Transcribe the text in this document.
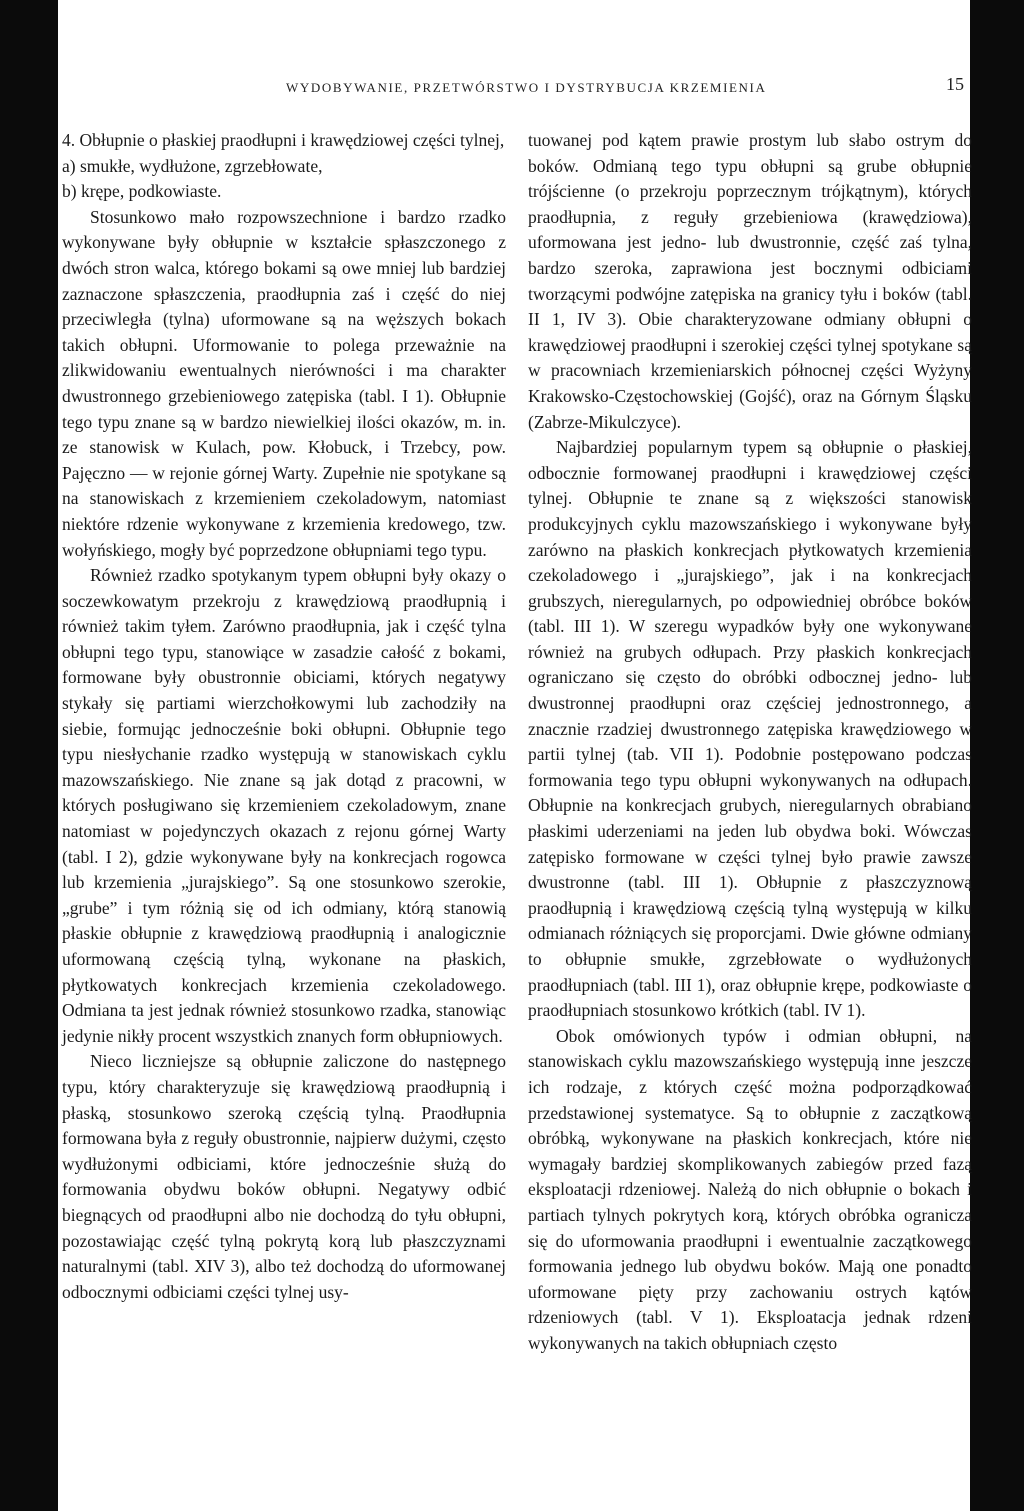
WYDOBYWANIE, PRZETWÓRSTWO I DYSTRYBUCJA KRZEMIENIA	15

4. Obłupnie o płaskiej praodłupni i krawędziowej części tylnej,

a) smukłe, wydłużone, zgrzebłowate,

b) krępe, podkowiaste.

Stosunkowo mało rozpowszechnione i bardzo rzadko wykonywane były obłupnie w kształcie spłaszczonego z dwóch stron walca, którego bokami są owe mniej lub bardziej zaznaczone spłaszczenia, praodłupnia zaś i część do niej przeciwległa (tylna) uformowane są na węższych bokach takich obłupni. Uformowanie to polega przeważnie na zlikwidowaniu ewentualnych nierówności i ma charakter dwustronnego grzebieniowego zatępiska (tabl. I 1). Obłupnie tego typu znane są w bardzo niewielkiej ilości okazów, m. in. ze stanowisk w Kulach, pow. Kłobuck, i Trzebcy, pow. Pajęczno — w rejonie górnej Warty. Zupełnie nie spotykane są na stanowiskach z krzemieniem czekoladowym, natomiast niektóre rdzenie wykonywane z krzemienia kredowego, tzw. wołyńskiego, mogły być poprzedzone obłupniami tego typu.

Również rzadko spotykanym typem obłupni były okazy o soczewkowatym przekroju z krawędziową praodłupnią i również takim tyłem. Zarówno praodłupnia, jak i część tylna obłupni tego typu, stanowiące w zasadzie całość z bokami, formowane były obustronnie obiciami, których negatywy stykały się partiami wierzchołkowymi lub zachodziły na siebie, formując jednocześnie boki obłupni. Obłupnie tego typu niesłychanie rzadko występują w stanowiskach cyklu mazowszańskiego. Nie znane są jak dotąd z pracowni, w których posługiwano się krzemieniem czekoladowym, znane natomiast w pojedynczych okazach z rejonu górnej Warty (tabl. I 2), gdzie wykonywane były na konkrecjach rogowca lub krzemienia „jurajskiego”. Są one stosunkowo szerokie, „grube” i tym różnią się od ich odmiany, którą stanowią płaskie obłupnie z krawędziową praodłupnią i analogicznie uformowaną częścią tylną, wykonane na płaskich, płytkowatych konkrecjach krzemienia czekoladowego. Odmiana ta jest jednak również stosunkowo rzadka, stanowiąc jedynie nikły procent wszystkich znanych form obłupniowych.

Nieco liczniejsze są obłupnie zaliczone do następnego typu, który charakteryzuje się krawędziową praodłupnią i płaską, stosunkowo szeroką częścią tylną. Praodłupnia formowana była z reguły obustronnie, najpierw dużymi, często wydłużonymi odbiciami, które jednocześnie służą do formowania obydwu boków obłupni. Negatywy odbić biegnących od praodłupni albo nie dochodzą do tyłu obłupni, pozostawiając część tylną pokrytą korą lub płaszczyznami naturalnymi (tabl. XIV 3), albo też dochodzą do uformowanej odbocznymi odbiciami części tylnej usy-

tuowanej pod kątem prawie prostym lub słabo ostrym do boków. Odmianą tego typu obłupni są grube obłupnie trójścienne (o przekroju poprzecznym trójkątnym), których praodłupnia, z reguły grzebieniowa (krawędziowa), uformowana jest jedno- lub dwustronnie, część zaś tylna, bardzo szeroka, zaprawiona jest bocznymi odbiciami tworzącymi podwójne zatępiska na granicy tyłu i boków (tabl. II 1, IV 3). Obie charakteryzowane odmiany obłupni o krawędziowej praodłupni i szerokiej części tylnej spotykane są w pracowniach krzemieniarskich północnej części Wyżyny Krakowsko-Częstochowskiej (Gojść), oraz na Górnym Śląsku (Zabrze-Mikulczyce).

Najbardziej popularnym typem są obłupnie o płaskiej, odbocznie formowanej praodłupni i krawędziowej części tylnej. Obłupnie te znane są z większości stanowisk produkcyjnych cyklu mazowszańskiego i wykonywane były zarówno na płaskich konkrecjach płytkowatych krzemienia czekoladowego i „jurajskiego”, jak i na konkrecjach grubszych, nieregularnych, po odpowiedniej obróbce boków (tabl. III 1). W szeregu wypadków były one wykonywane również na grubych odłupach. Przy płaskich konkrecjach ograniczano się często do obróbki odbocznej jedno- lub dwustronnej praodłupni oraz częściej jednostronnego, a znacznie rzadziej dwustronnego zatępiska krawędziowego w partii tylnej (tab. VII 1). Podobnie postępowano podczas formowania tego typu obłupni wykonywanych na odłupach. Obłupnie na konkrecjach grubych, nieregularnych obrabiano płaskimi uderzeniami na jeden lub obydwa boki. Wówczas zatępisko formowane w części tylnej było prawie zawsze dwustronne (tabl. III 1). Obłupnie z płaszczyznową praodłupnią i krawędziową częścią tylną występują w kilku odmianach różniących się proporcjami. Dwie główne odmiany to obłupnie smukłe, zgrzebłowate o wydłużonych praodłupniach (tabl. III 1), oraz obłupnie krępe, podkowiaste o praodłupniach stosunkowo krótkich (tabl. IV 1).

Obok omówionych typów i odmian obłupni, na stanowiskach cyklu mazowszańskiego występują inne jeszcze ich rodzaje, z których część można podporządkować przedstawionej systematyce. Są to obłupnie z zaczątkową obróbką, wykonywane na płaskich konkrecjach, które nie wymagały bardziej skomplikowanych zabiegów przed fazą eksploatacji rdzeniowej. Należą do nich obłupnie o bokach i partiach tylnych pokrytych korą, których obróbka ogranicza się do uformowania praodłupni i ewentualnie zaczątkowego formowania jednego lub obydwu boków. Mają one ponadto uformowane pięty przy zachowaniu ostrych kątów rdzeniowych (tabl. V 1). Eksploatacja jednak rdzeni wykonywanych na takich obłupniach często
